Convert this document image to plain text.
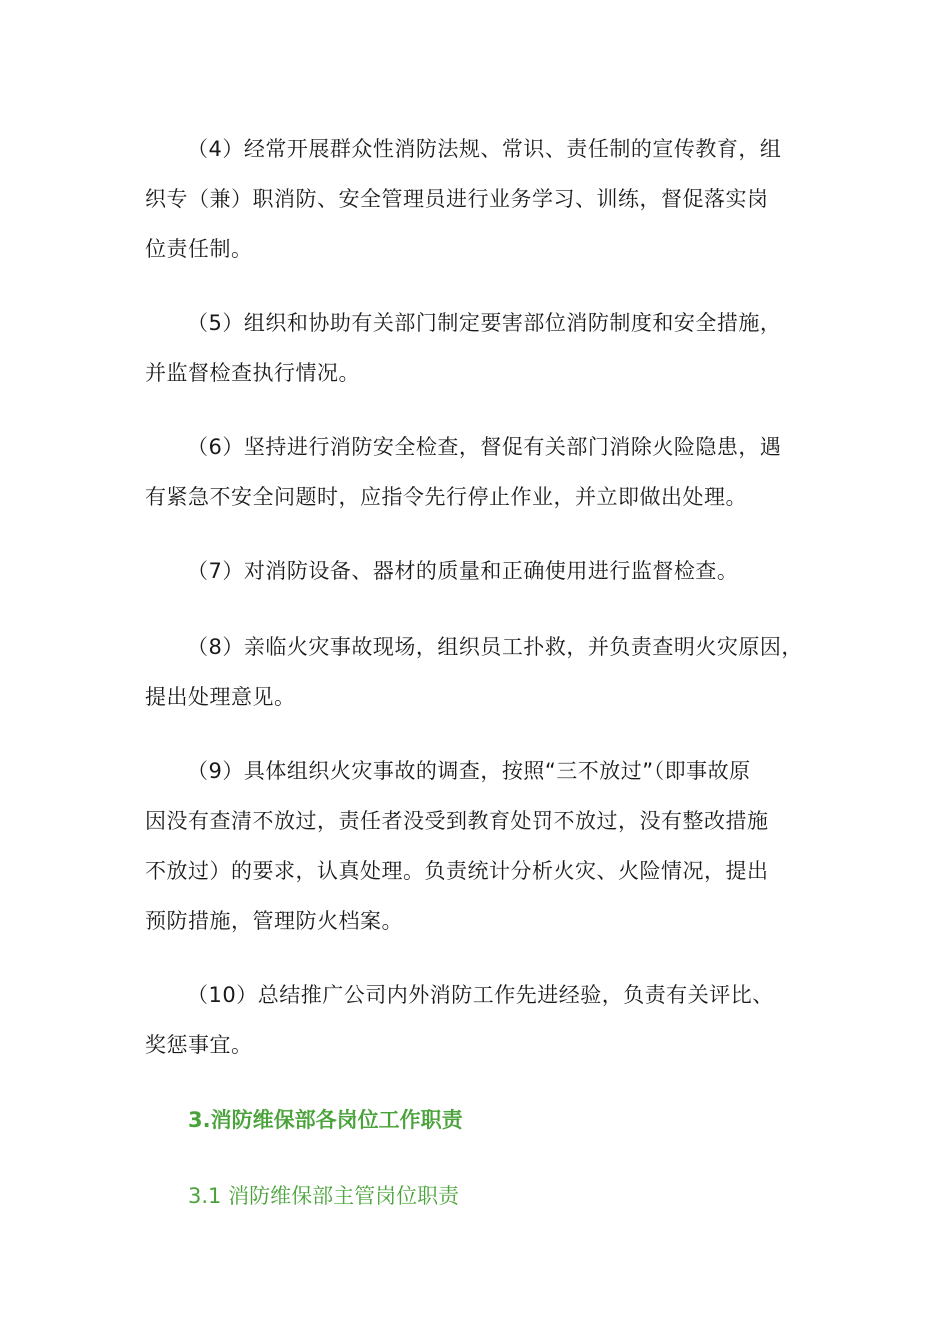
（4）经常开展群众性消防法规、常识、责任制的宣传教育，组
织专（兼）职消防、安全管理员进行业务学习、训练，督促落实岗
位责任制。

（5）组织和协助有关部门制定要害部位消防制度和安全措施，
并监督检查执行情况。

（6）坚持进行消防安全检查，督促有关部门消除火险隐患，遇
有紧急不安全问题时，应指令先行停止作业，并立即做出处理。

（7）对消防设备、器材的质量和正确使用进行监督检查。

（8）亲临火灾事故现场，组织员工扑救，并负责查明火灾原因，
提出处理意见。

（9）具体组织火灾事故的调查，按照“三不放过”（即事故原
因没有查清不放过，责任者没受到教育处罚不放过，没有整改措施
不放过）的要求，认真处理。负责统计分析火灾、火险情况，提出
预防措施，管理防火档案。

（10）总结推广公司内外消防工作先进经验，负责有关评比、
奖惩事宜。

3.消防维保部各岗位工作职责
3.1 消防维保部主管岗位职责
